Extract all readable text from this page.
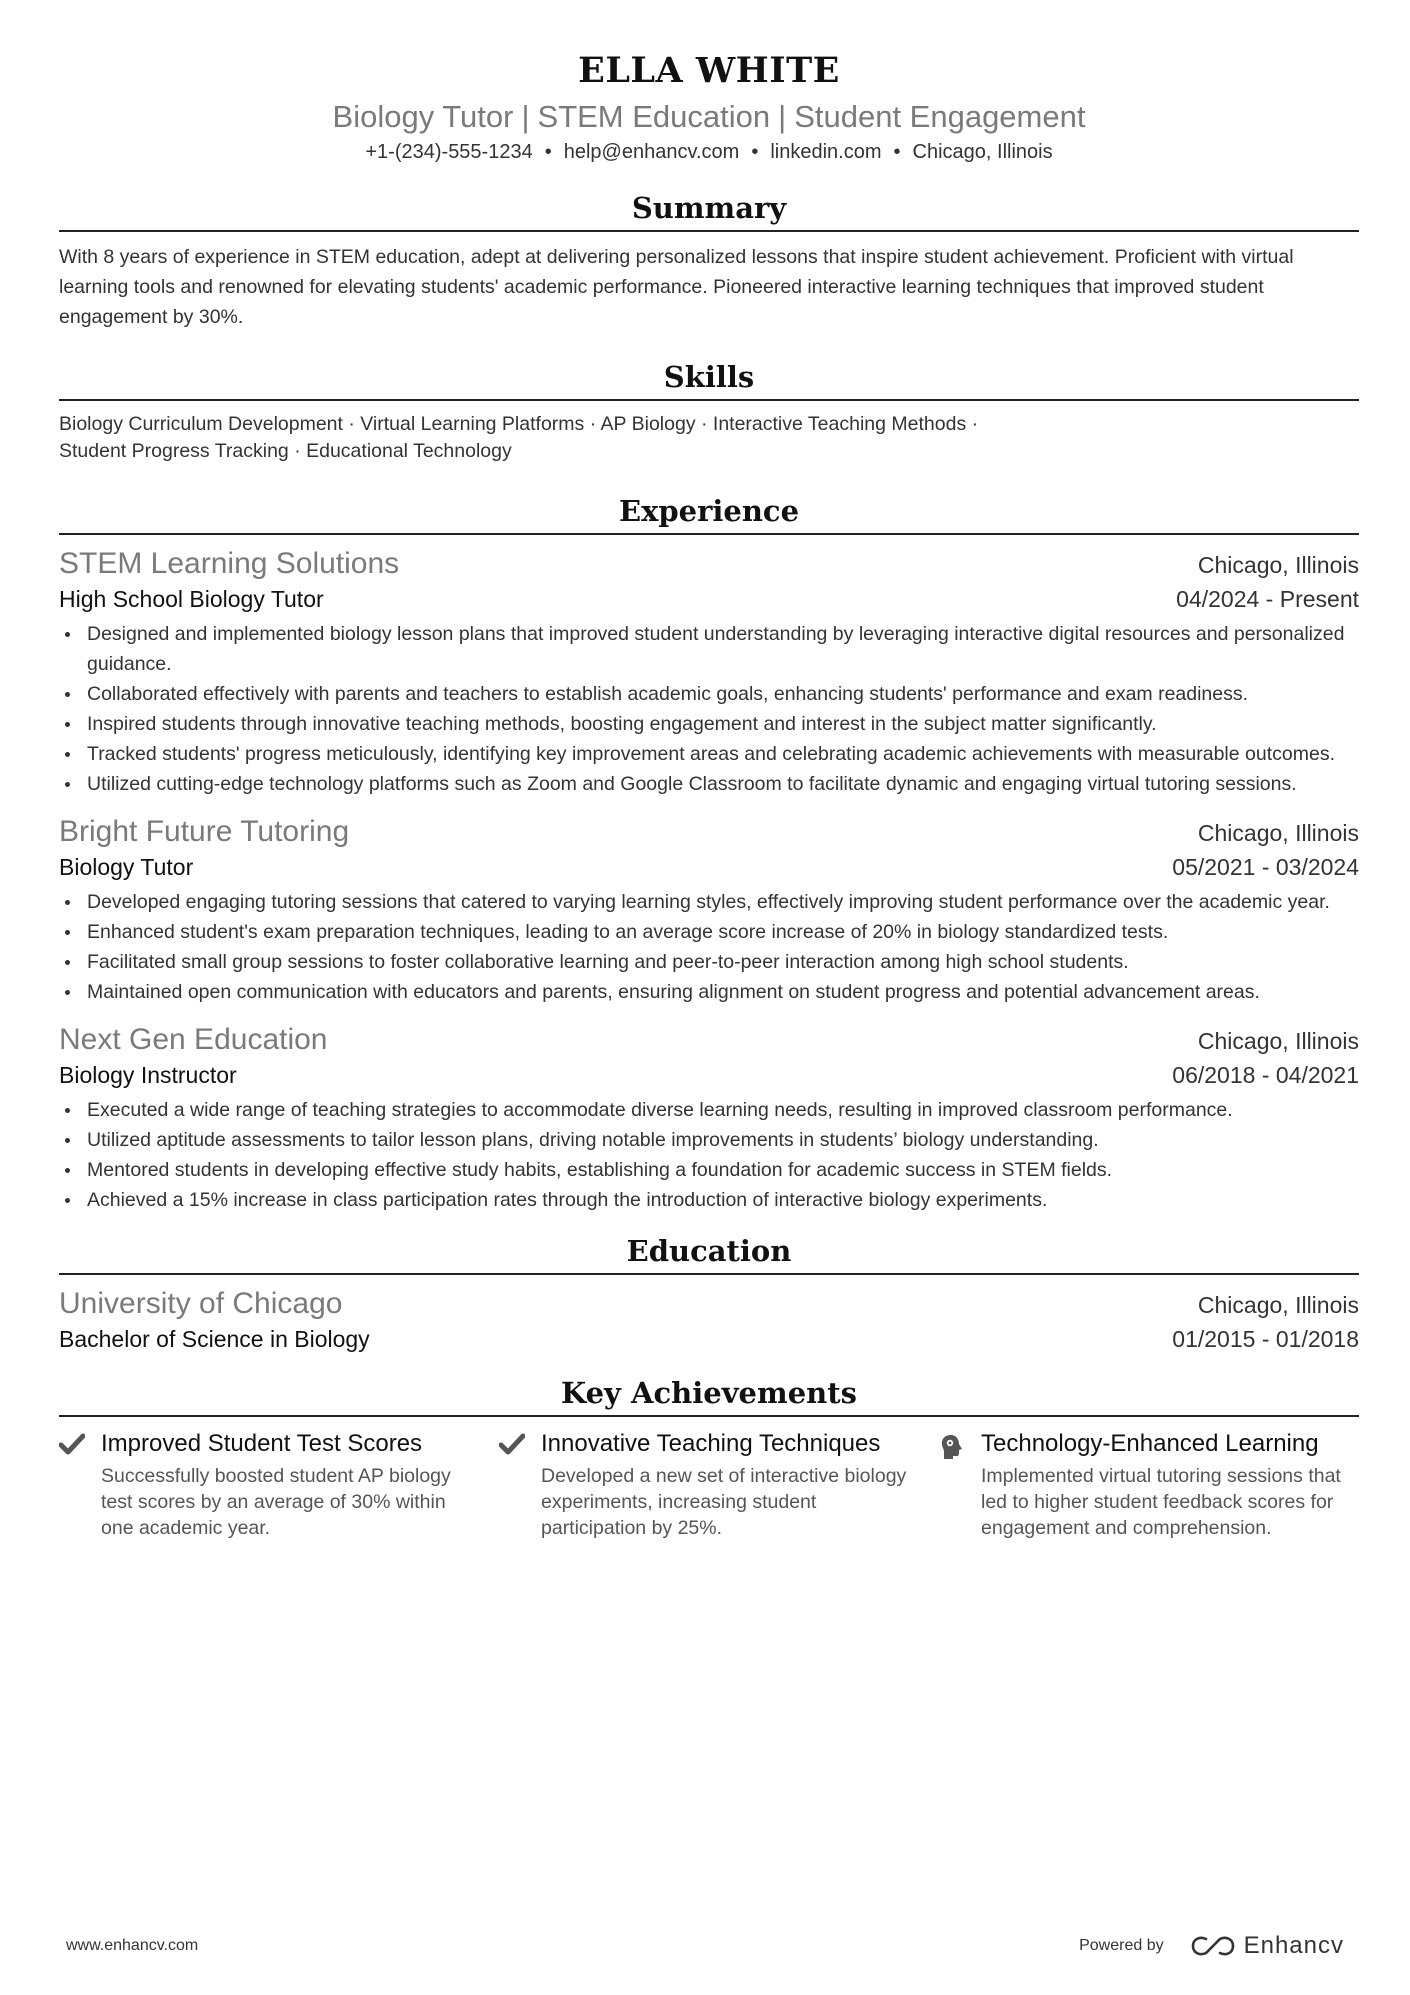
ELLA WHITE
Biology Tutor | STEM Education | Student Engagement
+1-(234)-555-1234 • help@enhancv.com • linkedin.com • Chicago, Illinois
Summary

With 8 years of experience in STEM education, adept at delivering personalized lessons that inspire student achievement. Proficient with virtual learning tools and renowned for elevating students' academic performance. Pioneered interactive learning techniques that improved student engagement by 30%.

Skills

Biology Curriculum Development · Virtual Learning Platforms · AP Biology · Interactive Teaching Methods ·
Student Progress Tracking · Educational Technology

Experience
STEM Learning Solutions	Chicago, Illinois
High School Biology Tutor	04/2024 - Present
Designed and implemented biology lesson plans that improved student understanding by leveraging interactive digital resources and personalized guidance.
Collaborated effectively with parents and teachers to establish academic goals, enhancing students' performance and exam readiness.
Inspired students through innovative teaching methods, boosting engagement and interest in the subject matter significantly.
Tracked students' progress meticulously, identifying key improvement areas and celebrating academic achievements with measurable outcomes.
Utilized cutting-edge technology platforms such as Zoom and Google Classroom to facilitate dynamic and engaging virtual tutoring sessions.
Bright Future Tutoring	Chicago, Illinois
Biology Tutor	05/2021 - 03/2024
Developed engaging tutoring sessions that catered to varying learning styles, effectively improving student performance over the academic year.
Enhanced student's exam preparation techniques, leading to an average score increase of 20% in biology standardized tests.
Facilitated small group sessions to foster collaborative learning and peer-to-peer interaction among high school students.
Maintained open communication with educators and parents, ensuring alignment on student progress and potential advancement areas.
Next Gen Education	Chicago, Illinois
Biology Instructor	06/2018 - 04/2021
Executed a wide range of teaching strategies to accommodate diverse learning needs, resulting in improved classroom performance.
Utilized aptitude assessments to tailor lesson plans, driving notable improvements in students’ biology understanding.
Mentored students in developing effective study habits, establishing a foundation for academic success in STEM fields.
Achieved a 15% increase in class participation rates through the introduction of interactive biology experiments.
Education
University of Chicago	Chicago, Illinois
Bachelor of Science in Biology	01/2015 - 01/2018
Key Achievements
Improved Student Test Scores
Successfully boosted student AP biology test scores by an average of 30% within one academic year.
Innovative Teaching Techniques
Developed a new set of interactive biology experiments, increasing student participation by 25%.
Technology-Enhanced Learning
Implemented virtual tutoring sessions that led to higher student feedback scores for engagement and comprehension.
www.enhancv.com	Powered by	Enhancv
